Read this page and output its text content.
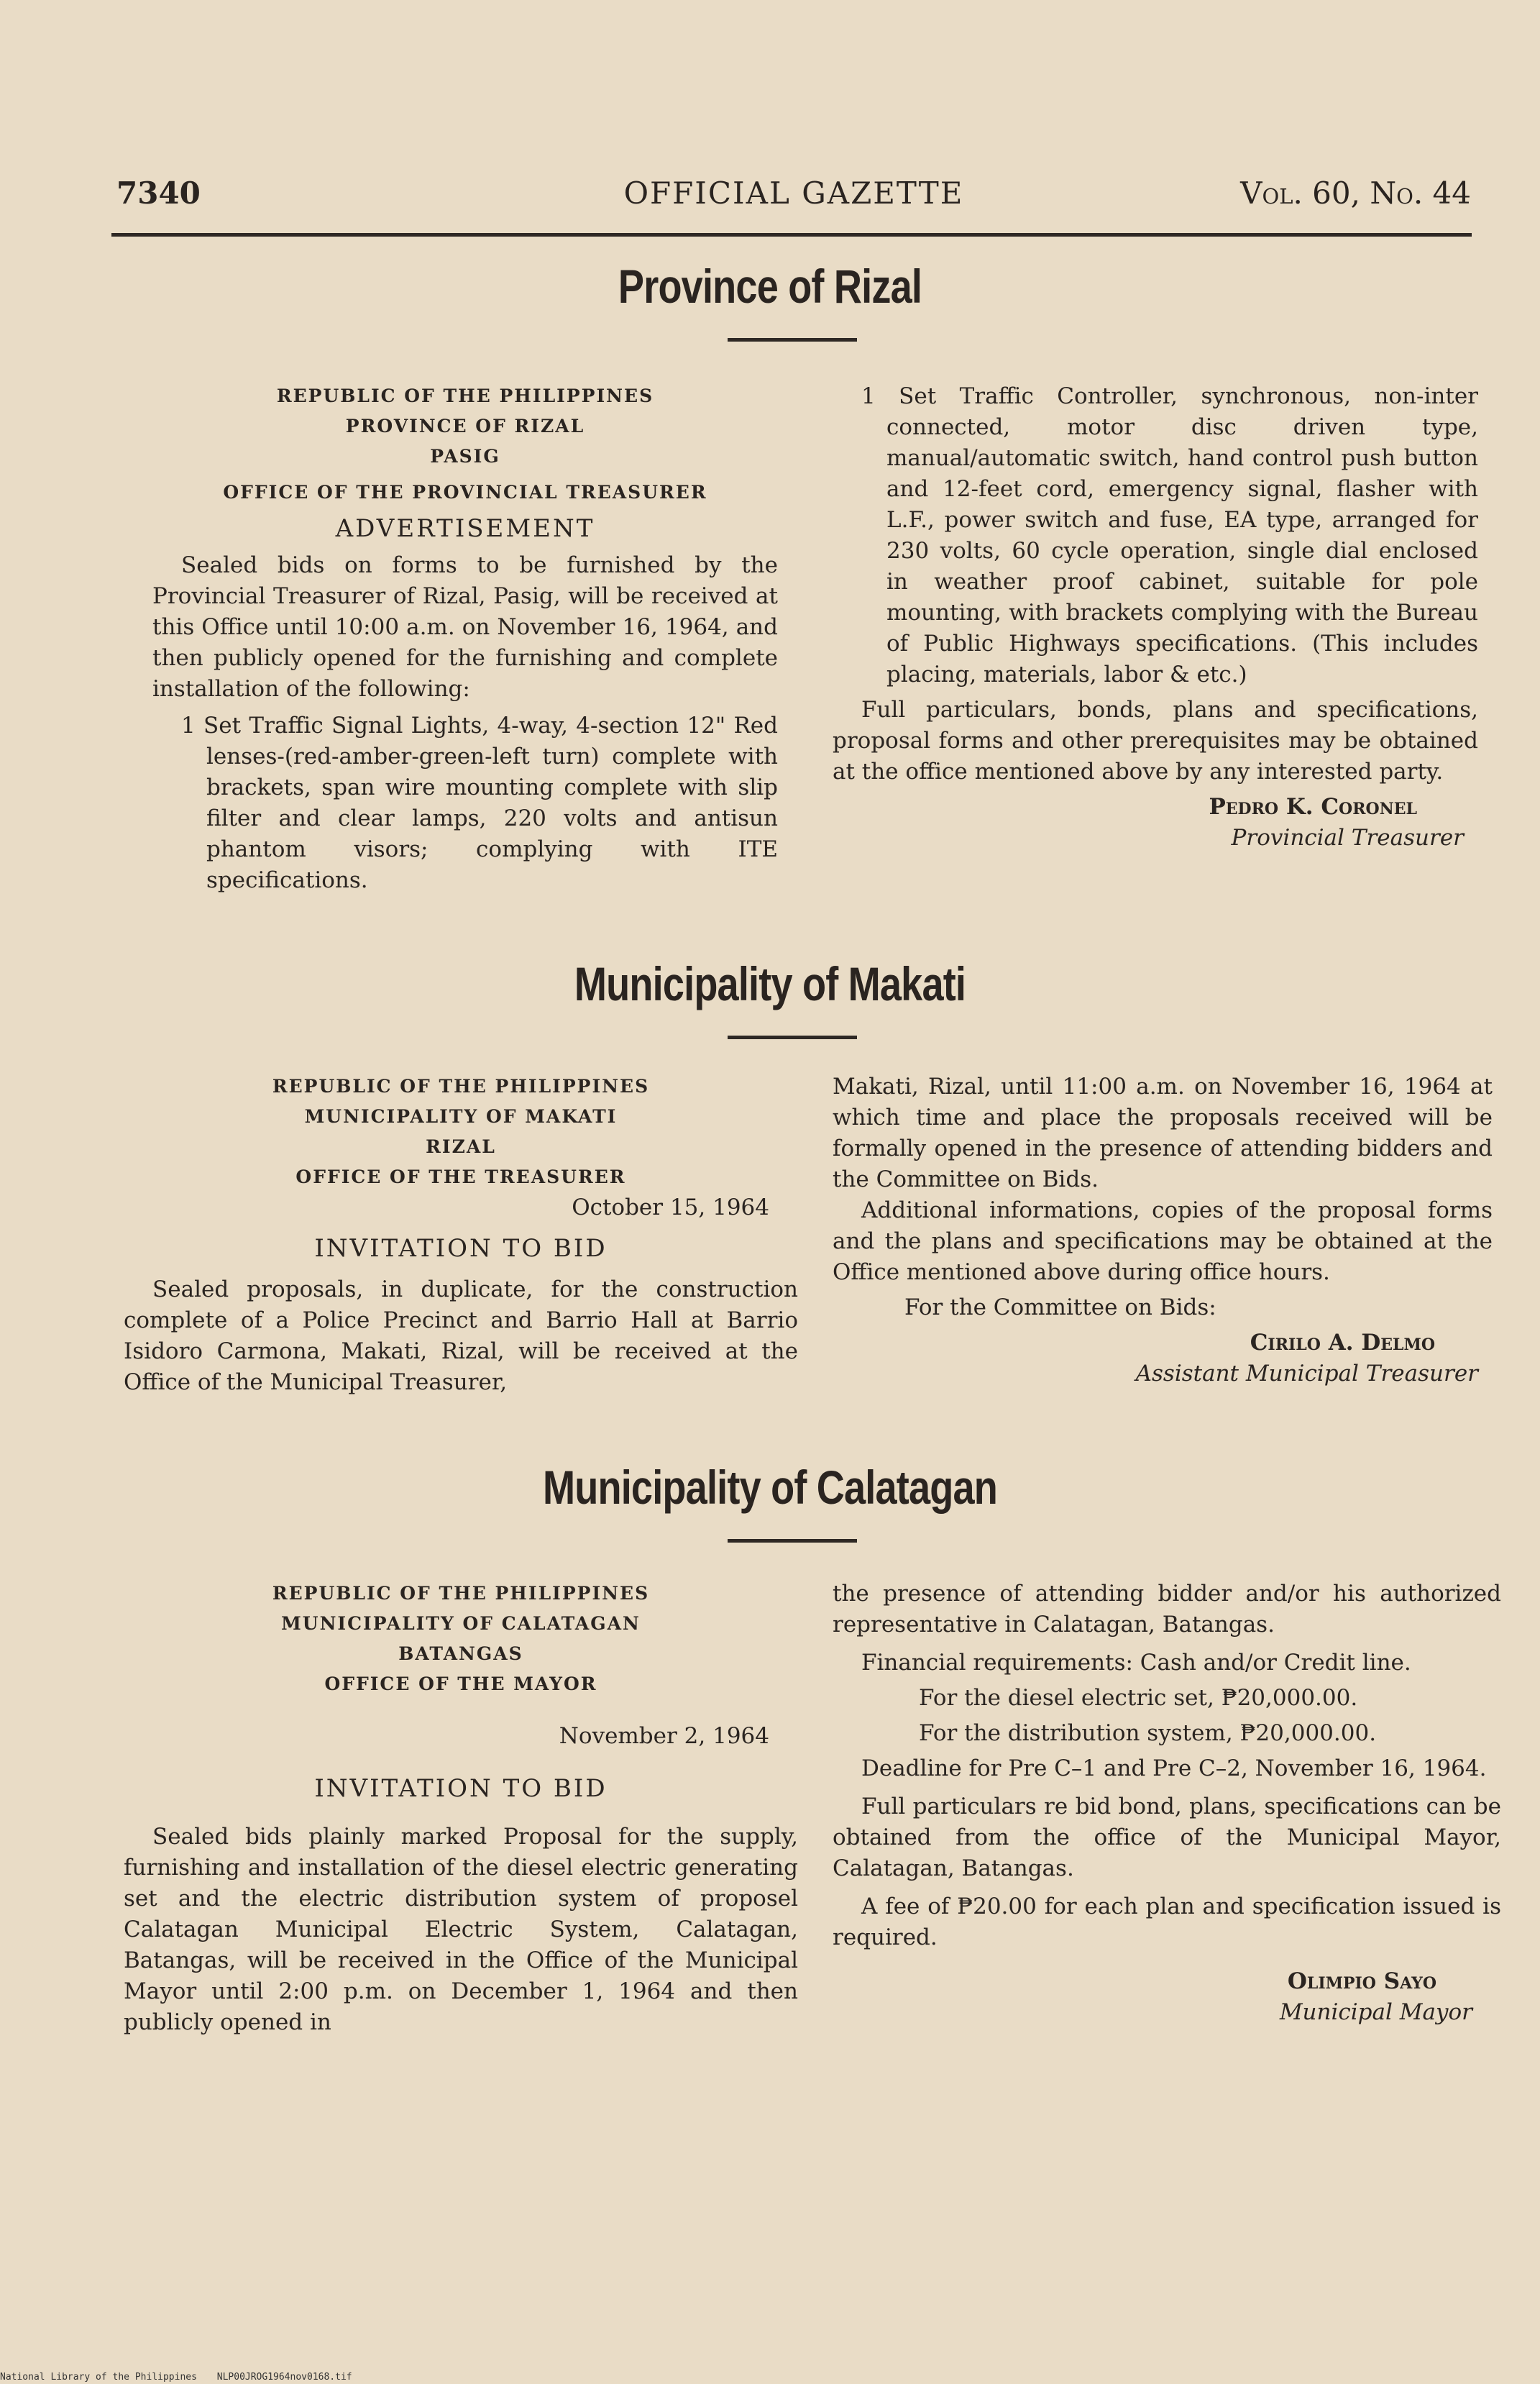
7340	OFFICIAL GAZETTE	Vol. 60, No. 44
Province of Rizal
REPUBLIC OF THE PHILIPPINES
PROVINCE OF RIZAL
PASIG
OFFICE OF THE PROVINCIAL TREASURER
ADVERTISEMENT

Sealed bids on forms to be furnished by the Provincial Treasurer of Rizal, Pasig, will be received at this Office until 10:00 a.m. on November 16, 1964, and then publicly opened for the furnishing and complete installation of the following:

1 Set Traffic Signal Lights, 4-way, 4-section 12" Red lenses-(red-amber-green-left turn) complete with brackets, span wire mounting complete with slip filter and clear lamps, 220 volts and antisun phantom visors; complying with ITE specifications.

1 Set Traffic Controller, synchronous, non-inter connected, motor disc driven type, manual/automatic switch, hand control push button and 12-feet cord, emergency signal, flasher with L.F., power switch and fuse, EA type, arranged for 230 volts, 60 cycle operation, single dial enclosed in weather proof cabinet, suitable for pole mounting, with brackets complying with the Bureau of Public Highways specifications. (This includes placing, materials, labor & etc.)

Full particulars, bonds, plans and specifications, proposal forms and other prerequisites may be obtained at the office mentioned above by any interested party.

Pedro K. Coronel
Provincial Treasurer
Municipality of Makati
REPUBLIC OF THE PHILIPPINES
MUNICIPALITY OF MAKATI
RIZAL
OFFICE OF THE TREASURER
October 15, 1964
INVITATION TO BID

Sealed proposals, in duplicate, for the construction complete of a Police Precinct and Barrio Hall at Barrio Isidoro Carmona, Makati, Rizal, will be received at the Office of the Municipal Treasurer,

Makati, Rizal, until 11:00 a.m. on November 16, 1964 at which time and place the proposals received will be formally opened in the presence of attending bidders and the Committee on Bids.

Additional informations, copies of the proposal forms and the plans and specifications may be obtained at the Office mentioned above during office hours.

For the Committee on Bids:

Cirilo A. Delmo
Assistant Municipal Treasurer
Municipality of Calatagan
REPUBLIC OF THE PHILIPPINES
MUNICIPALITY OF CALATAGAN
BATANGAS
OFFICE OF THE MAYOR
November 2, 1964
INVITATION TO BID

Sealed bids plainly marked Proposal for the supply, furnishing and installation of the diesel electric generating set and the electric distribution system of proposel Calatagan Municipal Electric System, Calatagan, Batangas, will be received in the Office of the Municipal Mayor until 2:00 p.m. on December 1, 1964 and then publicly opened in

the presence of attending bidder and/or his authorized representative in Calatagan, Batangas.

Financial requirements: Cash and/or Credit line.

For the diesel electric set, ₱20,000.00.

For the distribution system, ₱20,000.00.

Deadline for Pre C–1 and Pre C–2, November 16, 1964.

Full particulars re bid bond, plans, specifications can be obtained from the office of the Municipal Mayor, Calatagan, Batangas.

A fee of ₱20.00 for each plan and specification issued is required.

Olimpio Sayo
Municipal Mayor
National Library of the Philippines NLP00JROG1964nov0168.tif
